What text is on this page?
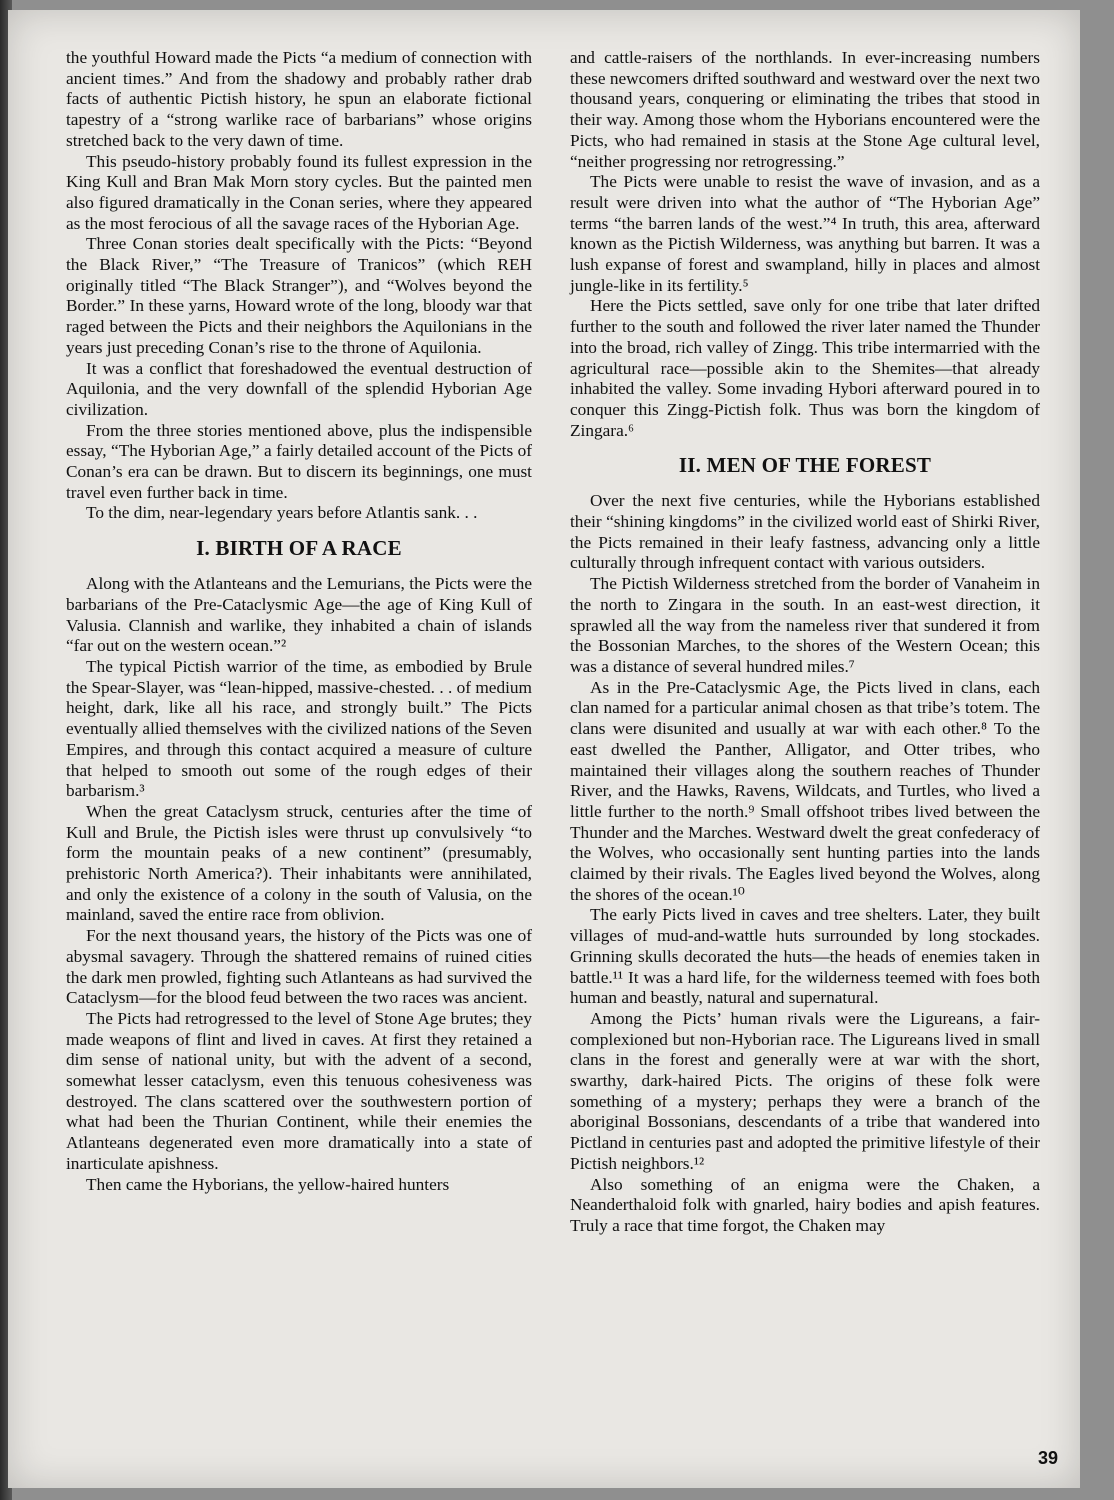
the youthful Howard made the Picts “a medium of connection with ancient times.” And from the shadowy and probably rather drab facts of authentic Pictish history, he spun an elaborate fictional tapestry of a “strong warlike race of barbarians” whose origins stretched back to the very dawn of time.

This pseudo-history probably found its fullest expression in the King Kull and Bran Mak Morn story cycles. But the painted men also figured dramatically in the Conan series, where they appeared as the most ferocious of all the savage races of the Hyborian Age.

Three Conan stories dealt specifically with the Picts: “Beyond the Black River,” “The Treasure of Tranicos” (which REH originally titled “The Black Stranger”), and “Wolves beyond the Border.” In these yarns, Howard wrote of the long, bloody war that raged between the Picts and their neighbors the Aquilonians in the years just preceding Conan’s rise to the throne of Aquilonia.

It was a conflict that foreshadowed the eventual destruction of Aquilonia, and the very downfall of the splendid Hyborian Age civilization.

From the three stories mentioned above, plus the indispensible essay, “The Hyborian Age,” a fairly detailed account of the Picts of Conan’s era can be drawn. But to discern its beginnings, one must travel even further back in time.

To the dim, near-legendary years before Atlantis sank. . .

I. BIRTH OF A RACE

Along with the Atlanteans and the Lemurians, the Picts were the barbarians of the Pre-Cataclysmic Age—the age of King Kull of Valusia. Clannish and warlike, they inhabited a chain of islands “far out on the western ocean.”²

The typical Pictish warrior of the time, as embodied by Brule the Spear-Slayer, was “lean-hipped, massive-chested. . . of medium height, dark, like all his race, and strongly built.” The Picts eventually allied themselves with the civilized nations of the Seven Empires, and through this contact acquired a measure of culture that helped to smooth out some of the rough edges of their barbarism.³

When the great Cataclysm struck, centuries after the time of Kull and Brule, the Pictish isles were thrust up convulsively “to form the mountain peaks of a new continent” (presumably, prehistoric North America?). Their inhabitants were annihilated, and only the existence of a colony in the south of Valusia, on the mainland, saved the entire race from oblivion.

For the next thousand years, the history of the Picts was one of abysmal savagery. Through the shattered remains of ruined cities the dark men prowled, fighting such Atlanteans as had survived the Cataclysm—for the blood feud between the two races was ancient.

The Picts had retrogressed to the level of Stone Age brutes; they made weapons of flint and lived in caves. At first they retained a dim sense of national unity, but with the advent of a second, somewhat lesser cataclysm, even this tenuous cohesiveness was destroyed. The clans scattered over the southwestern portion of what had been the Thurian Continent, while their enemies the Atlanteans degenerated even more dramatically into a state of inarticulate apishness.

Then came the Hyborians, the yellow-haired hunters

and cattle-raisers of the northlands. In ever-increasing numbers these newcomers drifted southward and westward over the next two thousand years, conquering or eliminating the tribes that stood in their way. Among those whom the Hyborians encountered were the Picts, who had remained in stasis at the Stone Age cultural level, “neither progressing nor retrogressing.”

The Picts were unable to resist the wave of invasion, and as a result were driven into what the author of “The Hyborian Age” terms “the barren lands of the west.”⁴ In truth, this area, afterward known as the Pictish Wilderness, was anything but barren. It was a lush expanse of forest and swampland, hilly in places and almost jungle-like in its fertility.⁵

Here the Picts settled, save only for one tribe that later drifted further to the south and followed the river later named the Thunder into the broad, rich valley of Zingg. This tribe intermarried with the agricultural race—possible akin to the Shemites—that already inhabited the valley. Some invading Hybori afterward poured in to conquer this Zingg-Pictish folk. Thus was born the kingdom of Zingara.⁶

II. MEN OF THE FOREST

Over the next five centuries, while the Hyborians established their “shining kingdoms” in the civilized world east of Shirki River, the Picts remained in their leafy fastness, advancing only a little culturally through infrequent contact with various outsiders.

The Pictish Wilderness stretched from the border of Vanaheim in the north to Zingara in the south. In an east-west direction, it sprawled all the way from the nameless river that sundered it from the Bossonian Marches, to the shores of the Western Ocean; this was a distance of several hundred miles.⁷

As in the Pre-Cataclysmic Age, the Picts lived in clans, each clan named for a particular animal chosen as that tribe’s totem. The clans were disunited and usually at war with each other.⁸ To the east dwelled the Panther, Alligator, and Otter tribes, who maintained their villages along the southern reaches of Thunder River, and the Hawks, Ravens, Wildcats, and Turtles, who lived a little further to the north.⁹ Small offshoot tribes lived between the Thunder and the Marches. Westward dwelt the great confederacy of the Wolves, who occasionally sent hunting parties into the lands claimed by their rivals. The Eagles lived beyond the Wolves, along the shores of the ocean.¹⁰

The early Picts lived in caves and tree shelters. Later, they built villages of mud-and-wattle huts surrounded by long stockades. Grinning skulls decorated the huts—the heads of enemies taken in battle.¹¹ It was a hard life, for the wilderness teemed with foes both human and beastly, natural and supernatural.

Among the Picts’ human rivals were the Ligureans, a fair-complexioned but non-Hyborian race. The Ligureans lived in small clans in the forest and generally were at war with the short, swarthy, dark-haired Picts. The origins of these folk were something of a mystery; perhaps they were a branch of the aboriginal Bossonians, descendants of a tribe that wandered into Pictland in centuries past and adopted the primitive lifestyle of their Pictish neighbors.¹²

Also something of an enigma were the Chaken, a Neanderthaloid folk with gnarled, hairy bodies and apish features. Truly a race that time forgot, the Chaken may

39
